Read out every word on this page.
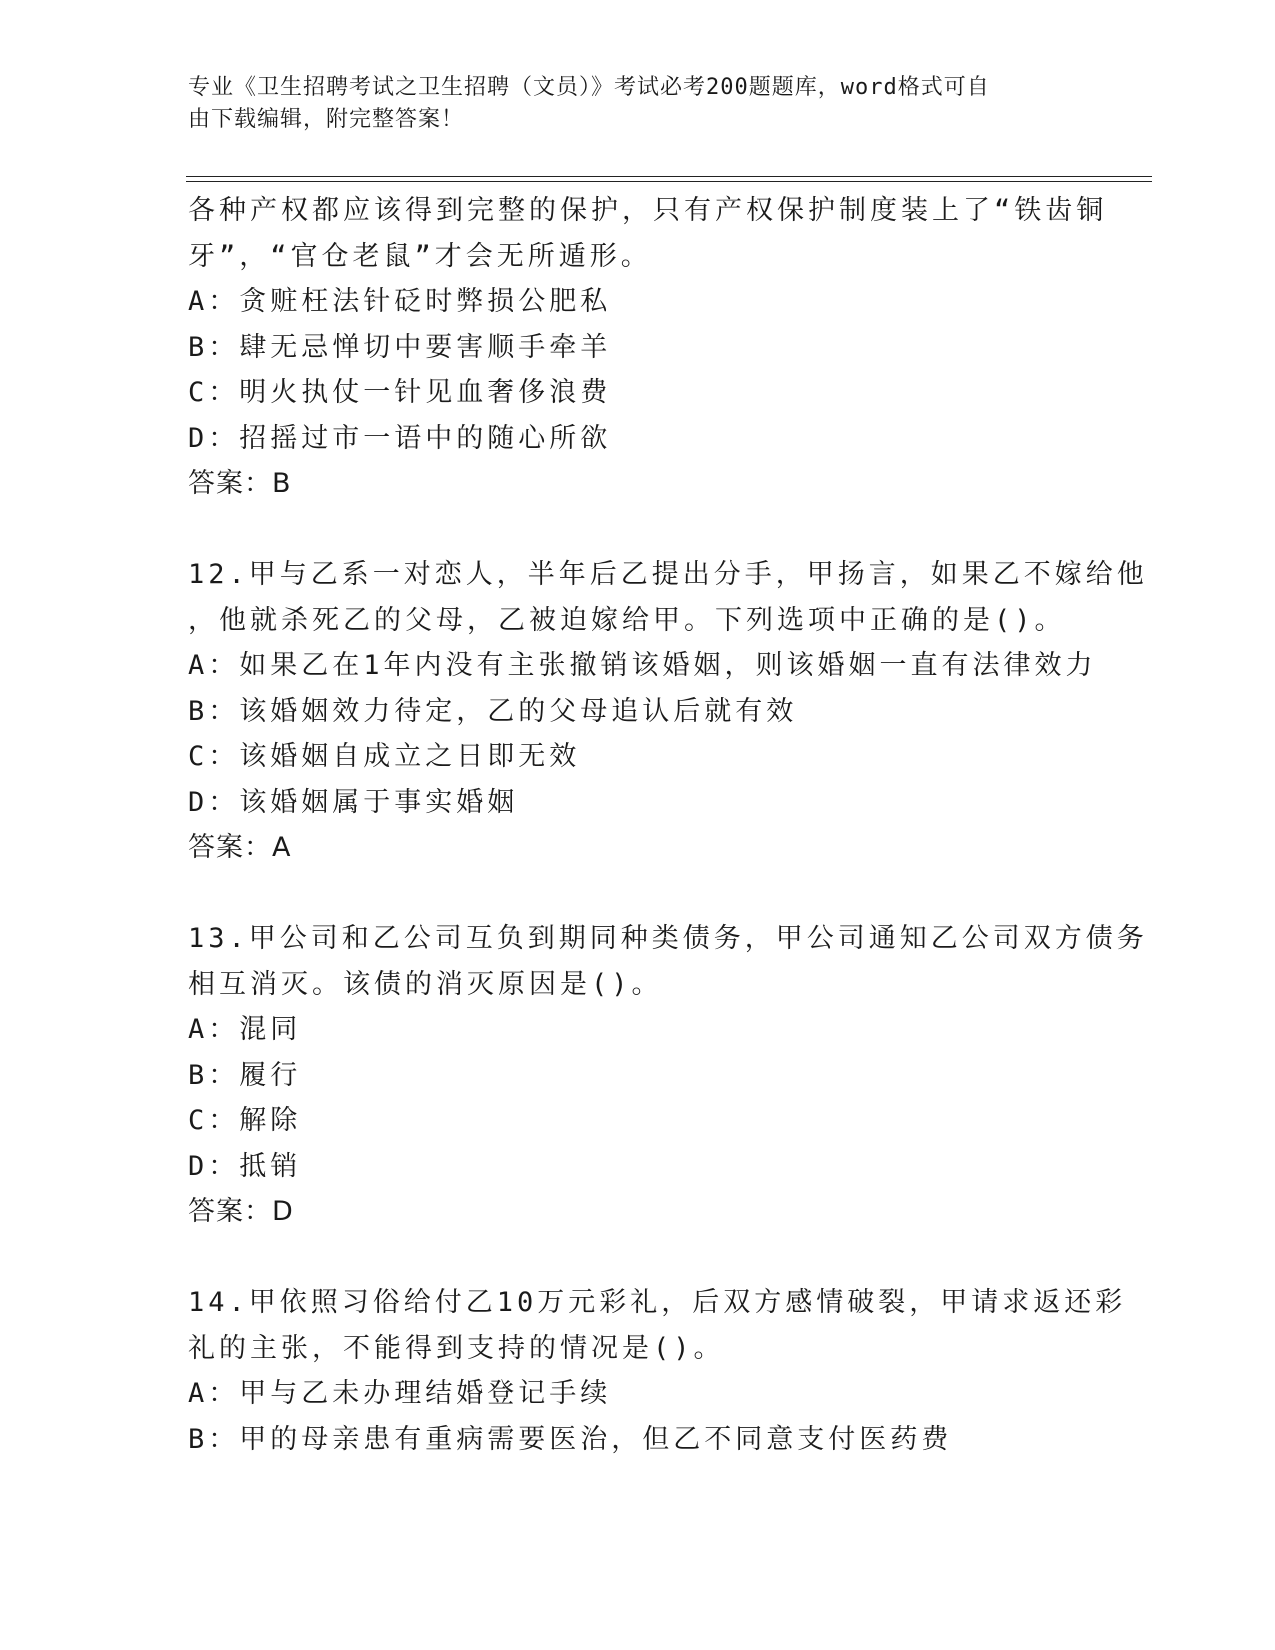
专业《卫生招聘考试之卫生招聘（文员）》考试必考200题题库，word格式可自
由下载编辑，附完整答案！
各种产权都应该得到完整的保护，只有产权保护制度装上了“铁齿铜
牙”，“官仓老鼠”才会无所遁形。
A：贪赃枉法针砭时弊损公肥私
B：肆无忌惮切中要害顺手牵羊
C：明火执仗一针见血奢侈浪费
D：招摇过市一语中的随心所欲
答案：B
12.甲与乙系一对恋人，半年后乙提出分手，甲扬言，如果乙不嫁给他
，他就杀死乙的父母，乙被迫嫁给甲。下列选项中正确的是()。
A：如果乙在1年内没有主张撤销该婚姻，则该婚姻一直有法律效力
B：该婚姻效力待定，乙的父母追认后就有效
C：该婚姻自成立之日即无效
D：该婚姻属于事实婚姻
答案：A
13.甲公司和乙公司互负到期同种类债务，甲公司通知乙公司双方债务
相互消灭。该债的消灭原因是()。
A：混同
B：履行
C：解除
D：抵销
答案：D
14.甲依照习俗给付乙10万元彩礼，后双方感情破裂，甲请求返还彩
礼的主张，不能得到支持的情况是()。
A：甲与乙未办理结婚登记手续
B：甲的母亲患有重病需要医治，但乙不同意支付医药费
